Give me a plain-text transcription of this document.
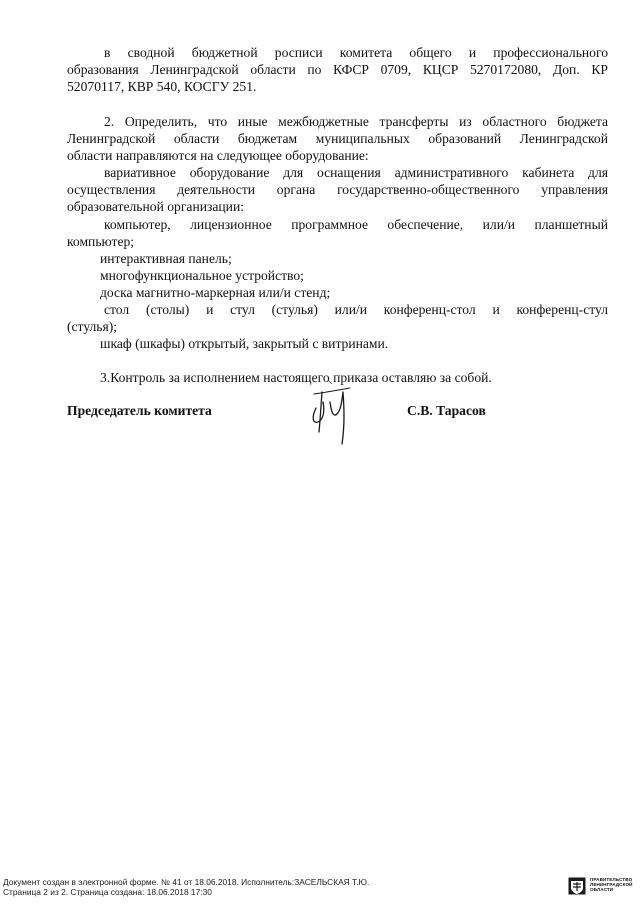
в сводной бюджетной росписи комитета общего и профессионального

образования Ленинградской области по КФСР 0709, КЦСР 5270172080, Доп. КР

52070117, КВР 540, КОСГУ 251.

2. Определить, что иные межбюджетные трансферты из областного бюджета

Ленинградской области бюджетам муниципальных образований Ленинградской

области направляются на следующее оборудование:

вариативное оборудование для оснащения административного кабинета для

осуществления деятельности органа государственно-общественного управления

образовательной организации:

компьютер, лицензионное программное обеспечение, или/и планшетный

компьютер;

интерактивная панель;

многофункциональное устройство;

доска магнитно-маркерная или/и стенд;

стол (столы) и стул (стулья) или/и конференц-стол и конференц-стул

(стулья);

шкаф (шкафы) открытый, закрытый с витринами.

3.Контроль за исполнением настоящего приказа оставляю за собой.

Председатель комитета	С.В. Тарасов
Документ создан в электронной форме. № 41 от 18.06.2018. Исполнитель:ЗАСЕЛЬСКАЯ Т.Ю.
Страница 2 из 2. Страница создана: 18.06.2018 17:30
ПРАВИТЕЛЬСТВО
ЛЕНИНГРАДСКОЙ
ОБЛАСТИ
